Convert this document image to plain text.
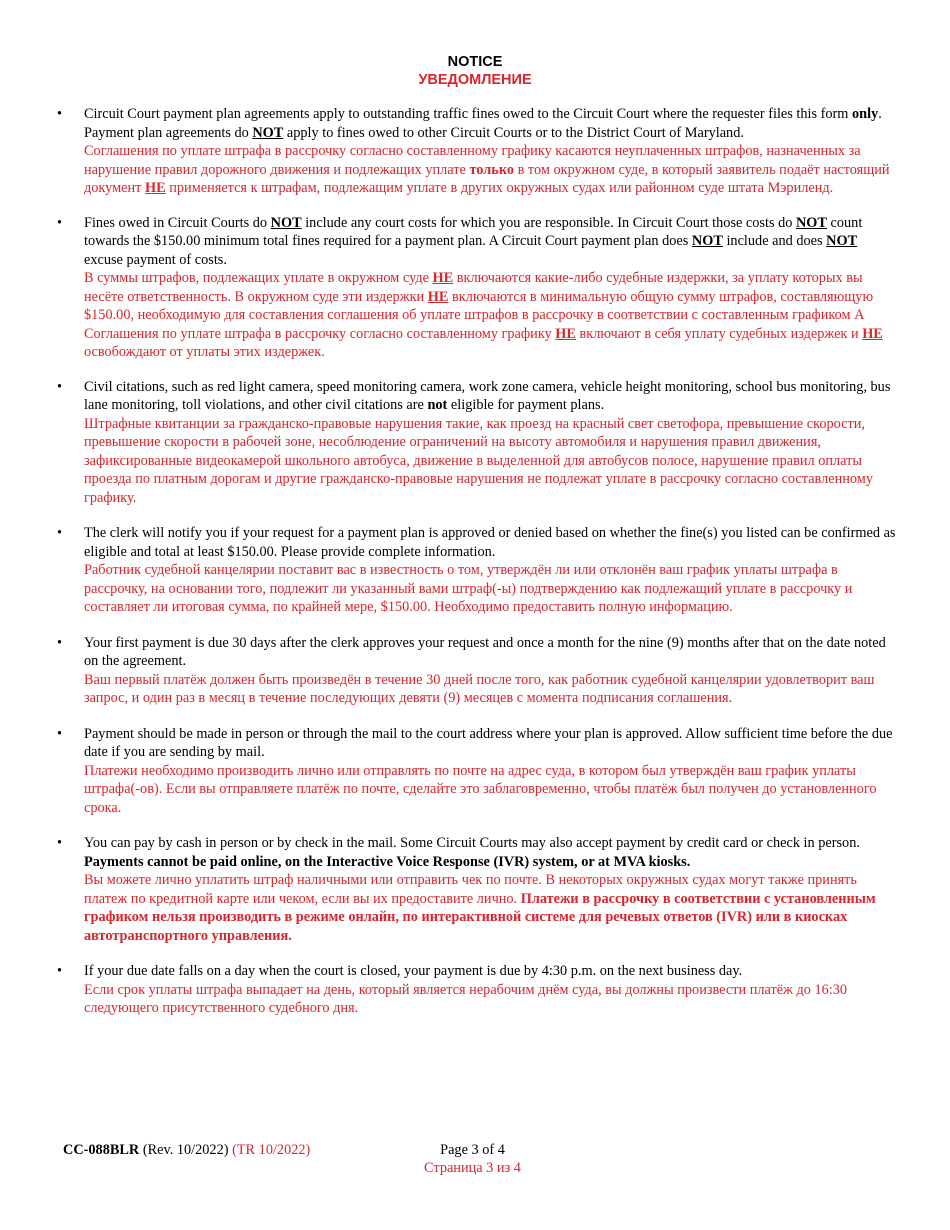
NOTICE
УВЕДОМЛЕНИЕ
• Circuit Court payment plan agreements apply to outstanding traffic fines owed to the Circuit Court where the requester files this form only. Payment plan agreements do NOT apply to fines owed to other Circuit Courts or to the District Court of Maryland.
Соглашения по уплате штрафа в рассрочку согласно составленному графику касаются неуплаченных штрафов, назначенных за нарушение правил дорожного движения и подлежащих уплате только в том окружном суде, в который заявитель подаёт настоящий документ НЕ применяется к штрафам, подлежащим уплате в других окружных судах или районном суде штата Мэриленд.
• Fines owed in Circuit Courts do NOT include any court costs for which you are responsible. In Circuit Court those costs do NOT count towards the $150.00 minimum total fines required for a payment plan. A Circuit Court payment plan does NOT include and does NOT excuse payment of costs.
В суммы штрафов, подлежащих уплате в окружном суде НЕ включаются какие-либо судебные издержки, за уплату которых вы несёте ответственность. В окружном суде эти издержки НЕ включаются в минимальную общую сумму штрафов, составляющую $150.00, необходимую для составления соглашения об уплате штрафов в рассрочку в соответствии с составленным графиком А Соглашения по уплате штрафа в рассрочку согласно составленному графику НЕ включают в себя уплату судебных издержек и НЕ освобождают от уплаты этих издержек.
• Civil citations, such as red light camera, speed monitoring camera, work zone camera, vehicle height monitoring, school bus monitoring, bus lane monitoring, toll violations, and other civil citations are not eligible for payment plans.
Штрафные квитанции за гражданско-правовые нарушения такие, как проезд на красный свет светофора, превышение скорости, превышение скорости в рабочей зоне, несоблюдение ограничений на высоту автомобиля и нарушения правил движения, зафиксированные видеокамерой школьного автобуса, движение в выделенной для автобусов полосе, нарушение правил оплаты проезда по платным дорогам и другие гражданско-правовые нарушения не подлежат уплате в рассрочку согласно составленному графику.
• The clerk will notify you if your request for a payment plan is approved or denied based on whether the fine(s) you listed can be confirmed as eligible and total at least $150.00. Please provide complete information.
Работник судебной канцелярии поставит вас в известность о том, утверждён ли или отклонён ваш график уплаты штрафа в рассрочку, на основании того, подлежит ли указанный вами штраф(-ы) подтверждению как подлежащий уплате в рассрочку и составляет ли итоговая сумма, по крайней мере, $150.00. Необходимо предоставить полную информацию.
• Your first payment is due 30 days after the clerk approves your request and once a month for the nine (9) months after that on the date noted on the agreement.
Ваш первый платёж должен быть произведён в течение 30 дней после того, как работник судебной канцелярии удовлетворит ваш запрос, и один раз в месяц в течение последующих девяти (9) месяцев с момента подписания соглашения.
• Payment should be made in person or through the mail to the court address where your plan is approved. Allow sufficient time before the due date if you are sending by mail.
Платежи необходимо производить лично или отправлять по почте на адрес суда, в котором был утверждён ваш график уплаты штрафа(-ов). Если вы отправляете платёж по почте, сделайте это заблаговременно, чтобы платёж был получен до установленного срока.
• You can pay by cash in person or by check in the mail. Some Circuit Courts may also accept payment by credit card or check in person. Payments cannot be paid online, on the Interactive Voice Response (IVR) system, or at MVA kiosks.
Вы можете лично уплатить штраф наличными или отправить чек по почте. В некоторых окружных судах могут также принять платеж по кредитной карте или чеком, если вы их предоставите лично. Платежи в рассрочку в соответствии с установленным графиком нельзя производить в режиме онлайн, по интерактивной системе для речевых ответов (IVR) или в киосках автотранспортного управления.
• If your due date falls on a day when the court is closed, your payment is due by 4:30 p.m. on the next business day.
Если срок уплаты штрафа выпадает на день, который является нерабочим днём суда, вы должны произвести платёж до 16:30 следующего присутственного судебного дня.
CC-088BLR (Rev. 10/2022) (TR 10/2022)	Page 3 of 4
Страница 3 из 4
